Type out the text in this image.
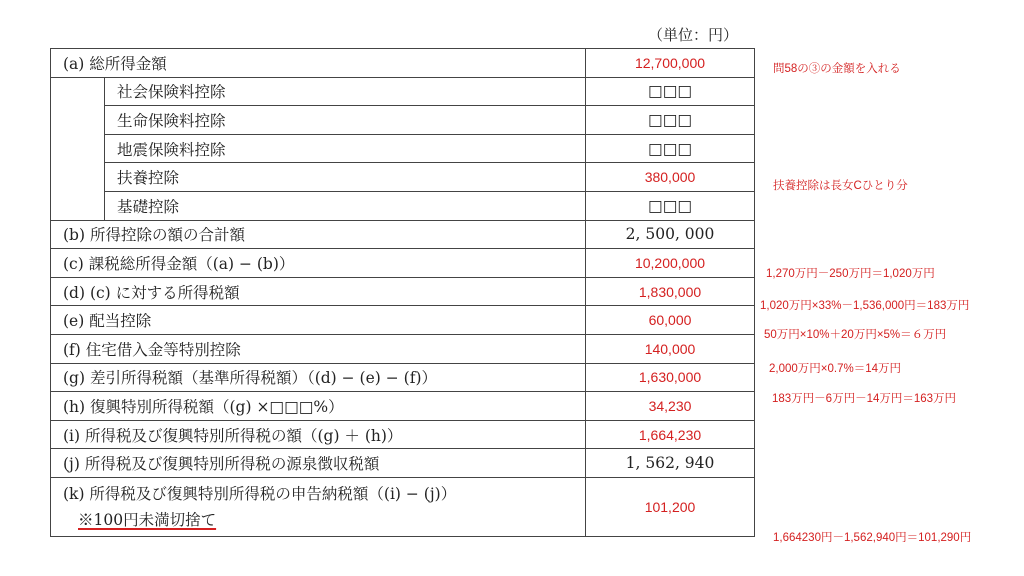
（単位：円）
(a) 総所得金額		12,700,000
	社会保険料控除	□□□
	生命保険料控除	□□□
	地震保険料控除	□□□
	扶養控除	380,000
	基礎控除	□□□
(b) 所得控除の額の合計額		2, 500, 000
(c) 課税総所得金額（(a) − (b)）		10,200,000
(d) (c) に対する所得税額		1,830,000
(e) 配当控除		60,000
(f) 住宅借入金等特別控除		140,000
(g) 差引所得税額（基準所得税額）（(d) − (e) − (f)）		1,630,000
(h) 復興特別所得税額（(g) ×□□□%）		34,230
(i) 所得税及び復興特別所得税の額（(g) ＋ (h)）		1,664,230
(j) 所得税及び復興特別所得税の源泉徴収税額		1, 562, 940

(k) 所得税及び復興特別所得税の申告納税額（(i) − (j)）
※100円未満切捨て		101,200
問58の③の金額を入れる
扶養控除は長女Cひとり分
1,270万円－250万円＝1,020万円
1,020万円×33%－1,536,000円＝183万円
50万円×10%＋20万円×5%＝６万円
2,000万円×0.7%＝14万円
183万円－6万円－14万円＝163万円
1,664230円－1,562,940円＝101,290円
